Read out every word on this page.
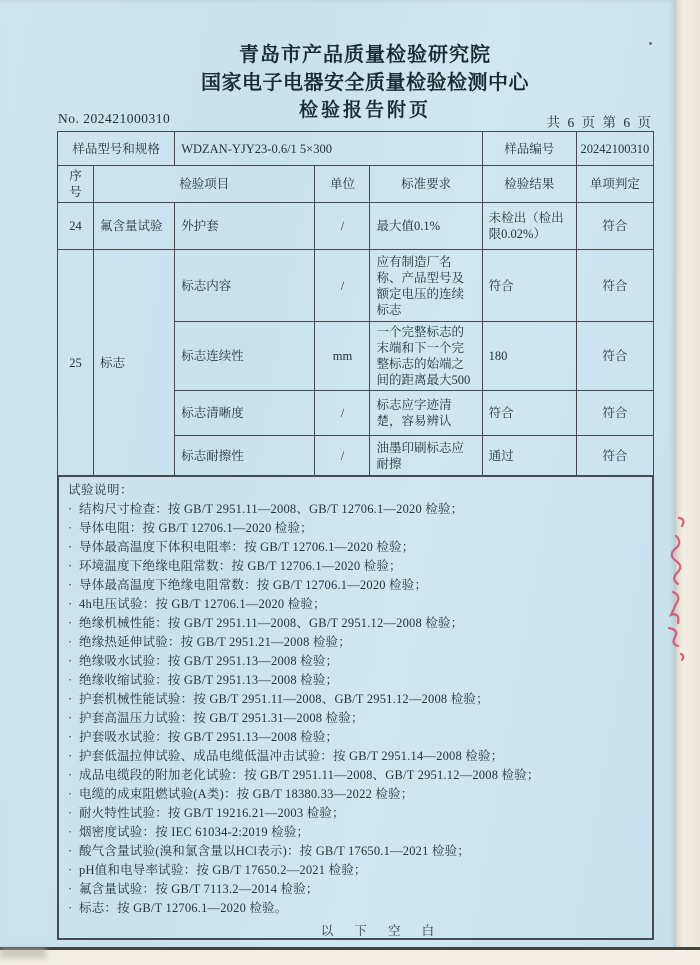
青岛市产品质量检验研究院
国家电子电器安全质量检验检测中心
检验报告附页
No. 202421000310	共 6 页 第 6 页
样品型号和规格		WDZAN-YJY23-0.6/1 5×300			样品编号	20242100310
序号	检验项目		单位	标准要求	检验结果	单项判定
24	氟含量试验	外护套	/	最大值0.1%	未检出（检出限0.02%）	符合
25	标志	标志内容	/	应有制造厂名称、产品型号及额定电压的连续标志	符合	符合
		标志连续性	mm	一个完整标志的末端和下一个完整标志的始端之间的距离最大500	180	符合
		标志清晰度	/	标志应字迹清楚，容易辨认	符合	符合
		标志耐擦性	/	油墨印刷标志应耐擦	通过	符合
试验说明：
· 结构尺寸检查：按 GB/T 2951.11—2008、GB/T 12706.1—2020 检验；
· 导体电阻：按 GB/T 12706.1—2020 检验；
· 导体最高温度下体积电阻率：按 GB/T 12706.1—2020 检验；
· 环境温度下绝缘电阻常数：按 GB/T 12706.1—2020 检验；
· 导体最高温度下绝缘电阻常数：按 GB/T 12706.1—2020 检验；
· 4h电压试验：按 GB/T 12706.1—2020 检验；
· 绝缘机械性能：按 GB/T 2951.11—2008、GB/T 2951.12—2008 检验；
· 绝缘热延伸试验：按 GB/T 2951.21—2008 检验；
· 绝缘吸水试验：按 GB/T 2951.13—2008 检验；
· 绝缘收缩试验：按 GB/T 2951.13—2008 检验；
· 护套机械性能试验：按 GB/T 2951.11—2008、GB/T 2951.12—2008 检验；
· 护套高温压力试验：按 GB/T 2951.31—2008 检验；
· 护套吸水试验：按 GB/T 2951.13—2008 检验；
· 护套低温拉伸试验、成品电缆低温冲击试验：按 GB/T 2951.14—2008 检验；
· 成品电缆段的附加老化试验：按 GB/T 2951.11—2008、GB/T 2951.12—2008 检验；
· 电缆的成束阻燃试验(A类)：按 GB/T 18380.33—2022 检验；
· 耐火特性试验：按 GB/T 19216.21—2003 检验；
· 烟密度试验：按 IEC 61034-2:2019 检验；
· 酸气含量试验(溴和氯含量以HCl表示)：按 GB/T 17650.1—2021 检验；
· pH值和电导率试验：按 GB/T 17650.2—2021 检验；
· 氟含量试验：按 GB/T 7113.2—2014 检验；
· 标志：按 GB/T 12706.1—2020 检验。
以 下 空 白
